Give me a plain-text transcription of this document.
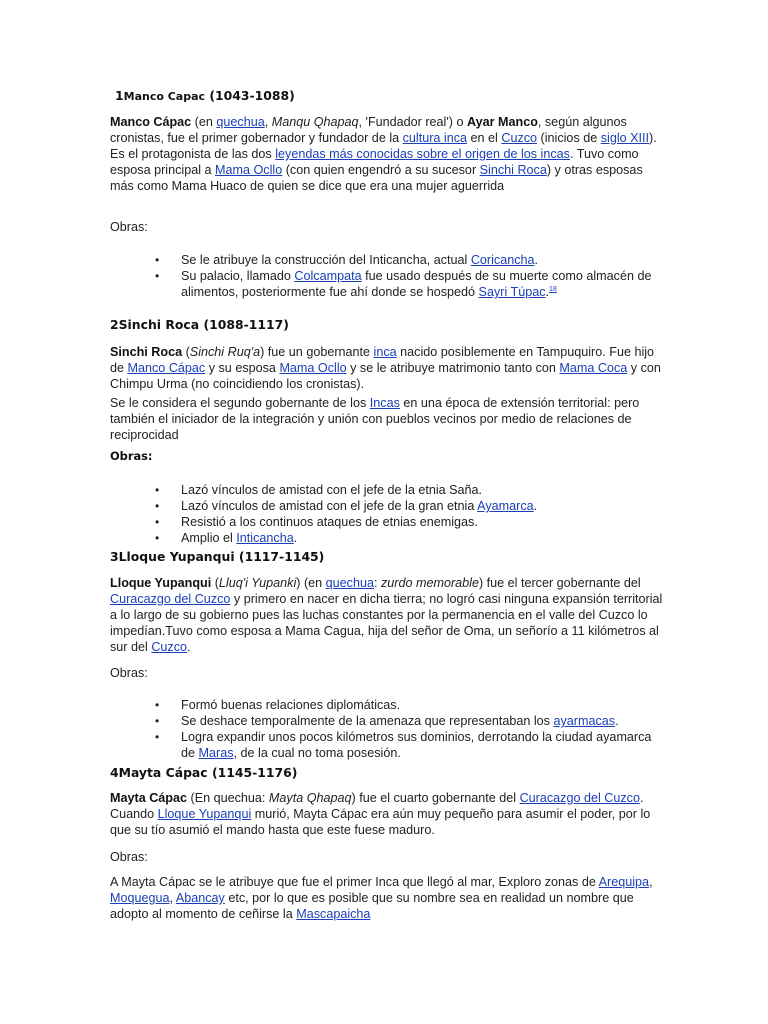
1Manco Capac (1043-1088)

Manco Cápac (en quechua, Manqu Qhapaq, 'Fundador real') o Ayar Manco, según algunos cronistas, fue el primer gobernador y fundador de la cultura inca en el Cuzco (inicios de siglo XIII). Es el protagonista de las dos leyendas más conocidas sobre el origen de los incas. Tuvo como esposa principal a Mama Ocllo (con quien engendró a su sucesor Sinchi Roca) y otras esposas más como Mama Huaco de quien se dice que era una mujer aguerrida

Obras:

• Se le atribuye la construcción del Inticancha, actual Coricancha.
• Su palacio, llamado Colcampata fue usado después de su muerte como almacén de alimentos, posteriormente fue ahí donde se hospedó Sayri Túpac.$^{18}$
2Sinchi Roca (1088-1117)

Sinchi Roca (Sinchi Ruq'a) fue un gobernante inca nacido posiblemente en Tampuquiro. Fue hijo de Manco Cápac y su esposa Mama Ocllo y se le atribuye matrimonio tanto con Mama Coca y con Chimpu Urma (no coincidiendo los cronistas).

Se le considera el segundo gobernante de los Incas en una época de extensión territorial: pero también el iniciador de la integración y unión con pueblos vecinos por medio de relaciones de reciprocidad

Obras:
• Lazó vínculos de amistad con el jefe de la etnia Saña.
• Lazó vínculos de amistad con el jefe de la gran etnia Ayamarca.
• Resistió a los continuos ataques de etnias enemigas.
• Amplio el Inticancha.
3Lloque Yupanqui (1117-1145)

Lloque Yupanqui (Lluq'i Yupanki) (en quechua: zurdo memorable) fue el tercer gobernante del Curacazgo del Cuzco y primero en nacer en dicha tierra; no logró casi ninguna expansión territorial a lo largo de su gobierno pues las luchas constantes por la permanencia en el valle del Cuzco lo impedían.Tuvo como esposa a Mama Cagua, hija del señor de Oma, un señorío a 11 kilómetros al sur del Cuzco.

Obras:

• Formó buenas relaciones diplomáticas.
• Se deshace temporalmente de la amenaza que representaban los ayarmacas.
• Logra expandir unos pocos kilómetros sus dominios, derrotando la ciudad ayamarca de Maras, de la cual no toma posesión.
4Mayta Cápac (1145-1176)

Mayta Cápac (En quechua: Mayta Qhapaq) fue el cuarto gobernante del Curacazgo del Cuzco. Cuando Lloque Yupanqui murió, Mayta Cápac era aún muy pequeño para asumir el poder, por lo que su tío asumió el mando hasta que este fuese maduro.

Obras:

A Mayta Cápac se le atribuye que fue el primer Inca que llegó al mar, Exploro zonas de Arequipa, Moquegua, Abancay etc, por lo que es posible que su nombre sea en realidad un nombre que adopto al momento de ceñirse la Mascapaicha
